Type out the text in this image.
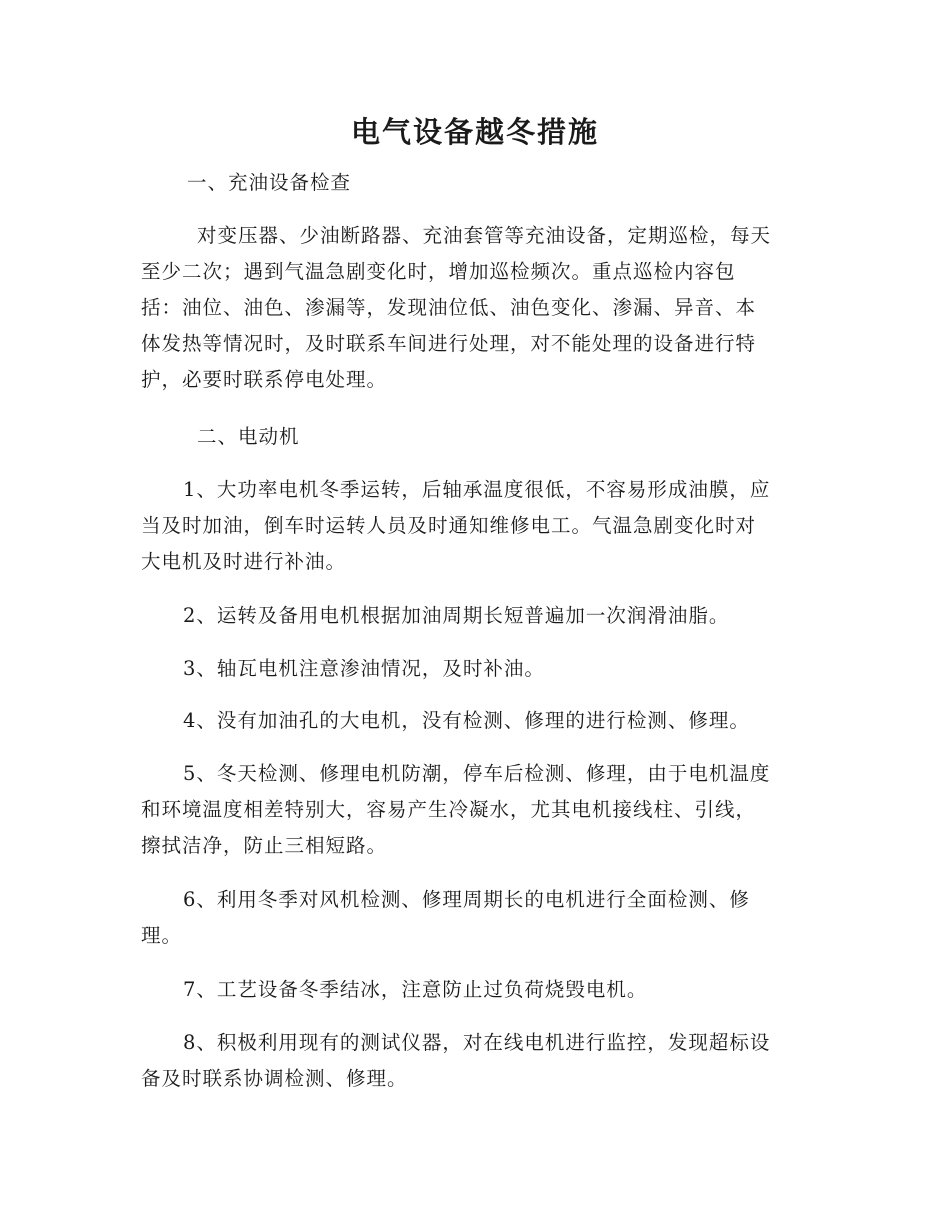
电气设备越冬措施
一、充油设备检查
对变压器、少油断路器、充油套管等充油设备，定期巡检，每天
至少二次；遇到气温急剧变化时，增加巡检频次。重点巡检内容包
括：油位、油色、渗漏等，发现油位低、油色变化、渗漏、异音、本
体发热等情况时，及时联系车间进行处理，对不能处理的设备进行特
护，必要时联系停电处理。
二、电动机
1、大功率电机冬季运转，后轴承温度很低，不容易形成油膜，应
当及时加油，倒车时运转人员及时通知维修电工。气温急剧变化时对
大电机及时进行补油。
2、运转及备用电机根据加油周期长短普遍加一次润滑油脂。
3、轴瓦电机注意渗油情况，及时补油。
4、没有加油孔的大电机，没有检测、修理的进行检测、修理。
5、冬天检测、修理电机防潮，停车后检测、修理，由于电机温度
和环境温度相差特别大，容易产生冷凝水，尤其电机接线柱、引线，
擦拭洁净，防止三相短路。
6、利用冬季对风机检测、修理周期长的电机进行全面检测、修
理。
7、工艺设备冬季结冰，注意防止过负荷烧毁电机。
8、积极利用现有的测试仪器，对在线电机进行监控，发现超标设
备及时联系协调检测、修理。
